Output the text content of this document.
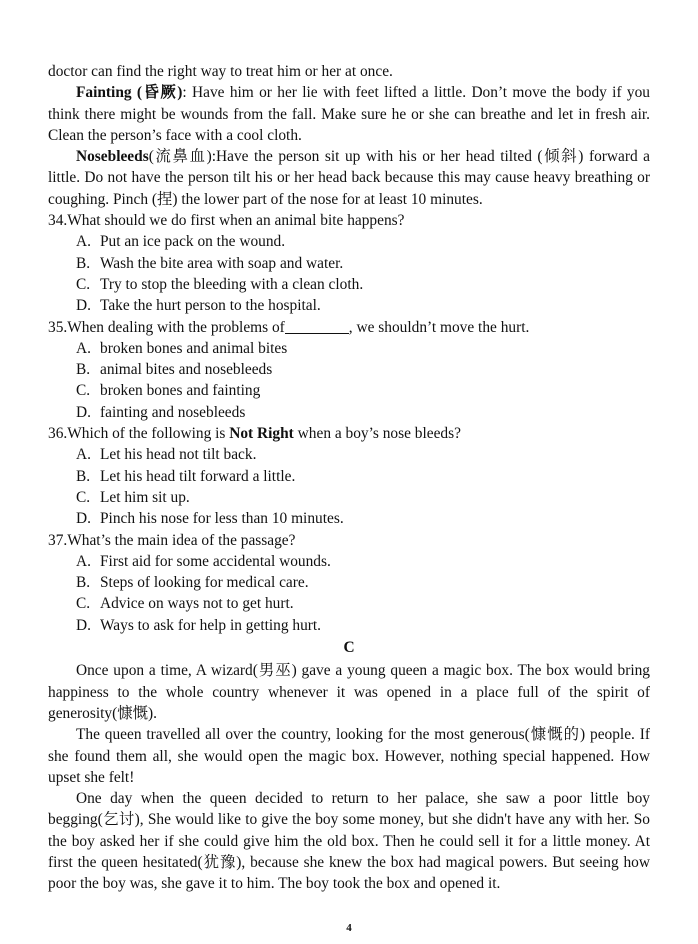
doctor can find the right way to treat him or her at once.

Fainting (昏厥): Have him or her lie with feet lifted a little. Don’t move the body if you think there might be wounds from the fall. Make sure he or she can breathe and let in fresh air. Clean the person’s face with a cool cloth.

Nosebleeds(流鼻血):Have the person sit up with his or her head tilted (倾斜) forward a little. Do not have the person tilt his or her head back because this may cause heavy breathing or coughing. Pinch (捏) the lower part of the nose for at least 10 minutes.

34.What should we do first when an animal bite happens?

A. Put an ice pack on the wound.

B. Wash the bite area with soap and water.

C. Try to stop the bleeding with a clean cloth.

D. Take the hurt person to the hospital.

35.When dealing with the problems of	, we shouldn’t move the hurt.

A. broken bones and animal bites

B. animal bites and nosebleeds

C. broken bones and fainting

D. fainting and nosebleeds

36.Which of the following is Not Right when a boy’s nose bleeds?

A. Let his head not tilt back.

B. Let his head tilt forward a little.

C. Let him sit up.

D. Pinch his nose for less than 10 minutes.

37.What’s the main idea of the passage?

A. First aid for some accidental wounds.

B. Steps of looking for medical care.

C. Advice on ways not to get hurt.

D. Ways to ask for help in getting hurt.

C

Once upon a time, A wizard(男巫) gave a young queen a magic box. The box would bring happiness to the whole country whenever it was opened in a place full of the spirit of generosity(慷慨).

The queen travelled all over the country, looking for the most generous(慷慨的) people. If she found them all, she would open the magic box. However, nothing special happened. How upset she felt!

One day when the queen decided to return to her palace, she saw a poor little boy begging(乞讨), She would like to give the boy some money, but she didn't have any with her. So the boy asked her if she could give him the old box. Then he could sell it for a little money. At first the queen hesitated(犹豫), because she knew the box had magical powers. But seeing how poor the boy was, she gave it to him. The boy took the box and opened it.

4
